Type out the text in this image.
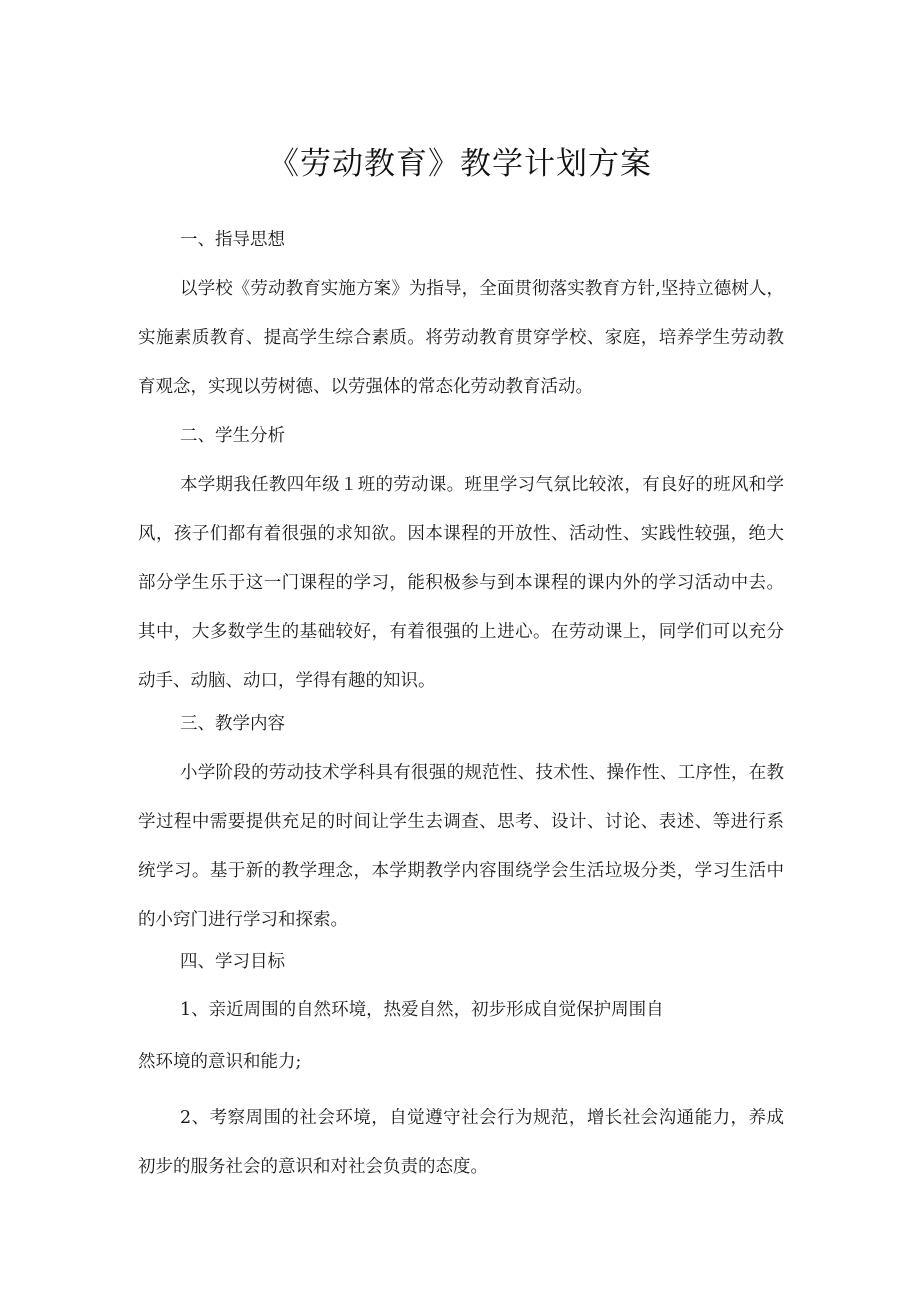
《劳动教育》教学计划方案

一、指导思想

以学校《劳动教育实施方案》为指导，全面贯彻落实教育方针,坚持立德树人，实施素质教育、提高学生综合素质。将劳动教育贯穿学校、家庭，培养学生劳动教育观念，实现以劳树德、以劳强体的常态化劳动教育活动。

二、学生分析

本学期我任教四年级１班的劳动课。班里学习气氛比较浓，有良好的班风和学风，孩子们都有着很强的求知欲。因本课程的开放性、活动性、实践性较强，绝大部分学生乐于这一门课程的学习，能积极参与到本课程的课内外的学习活动中去。其中，大多数学生的基础较好，有着很强的上进心。在劳动课上，同学们可以充分动手、动脑、动口，学得有趣的知识。

三、教学内容

小学阶段的劳动技术学科具有很强的规范性、技术性、操作性、工序性，在教学过程中需要提供充足的时间让学生去调查、思考、设计、讨论、表述、等进行系统学习。基于新的教学理念，本学期教学内容围绕学会生活垃圾分类，学习生活中的小窍门进行学习和探索。

四、学习目标

1、亲近周围的自然环境，热爱自然，初步形成自觉保护周围自

然环境的意识和能力;

2、考察周围的社会环境，自觉遵守社会行为规范，增长社会沟通能力，养成初步的服务社会的意识和对社会负责的态度。
